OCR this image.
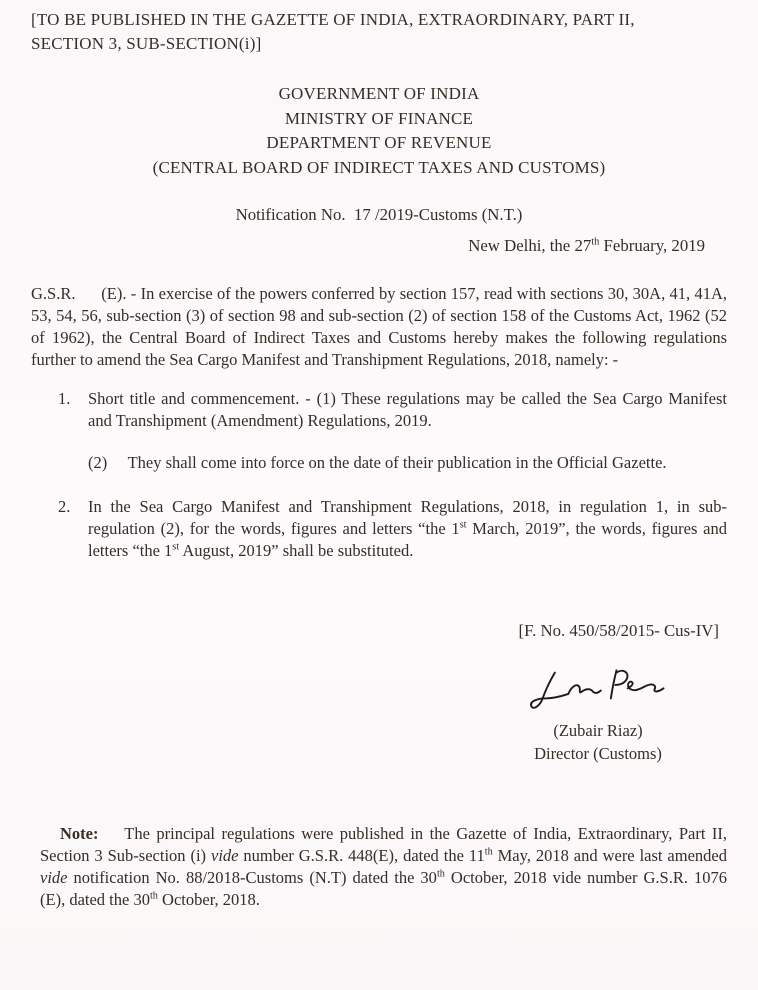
[TO BE PUBLISHED IN THE GAZETTE OF INDIA, EXTRAORDINARY, PART II,
SECTION 3, SUB-SECTION(i)]
GOVERNMENT OF INDIA
MINISTRY OF FINANCE
DEPARTMENT OF REVENUE
(CENTRAL BOARD OF INDIRECT TAXES AND CUSTOMS)
Notification No.  17 /2019-Customs (N.T.)
New Delhi, the 27th February, 2019

G.S.R.      (E). - In exercise of the powers conferred by section 157, read with sections 30, 30A, 41, 41A, 53, 54, 56, sub-section (3) of section 98 and sub-section (2) of section 158 of the Customs Act, 1962 (52 of 1962), the Central Board of Indirect Taxes and Customs hereby makes the following regulations further to amend the Sea Cargo Manifest and Transhipment Regulations, 2018, namely: -

1.	Short title and commencement. - (1) These regulations may be called the Sea Cargo Manifest and Transhipment (Amendment) Regulations, 2019.

(2)     They shall come into force on the date of their publication in the Official Gazette.

2.	In the Sea Cargo Manifest and Transhipment Regulations, 2018, in regulation 1, in sub-regulation (2), for the words, figures and letters “the 1st March, 2019”, the words, figures and letters “the 1st August, 2019” shall be substituted.

[F. No. 450/58/2015- Cus-IV]
(Zubair Riaz)
Director (Customs)
Note:    The principal regulations were published in the Gazette of India, Extraordinary, Part II, Section 3 Sub-section (i) vide number G.S.R. 448(E), dated the 11th May, 2018 and were last amended vide notification No. 88/2018-Customs (N.T) dated the 30th October, 2018 vide number G.S.R. 1076 (E), dated the 30th October, 2018.
